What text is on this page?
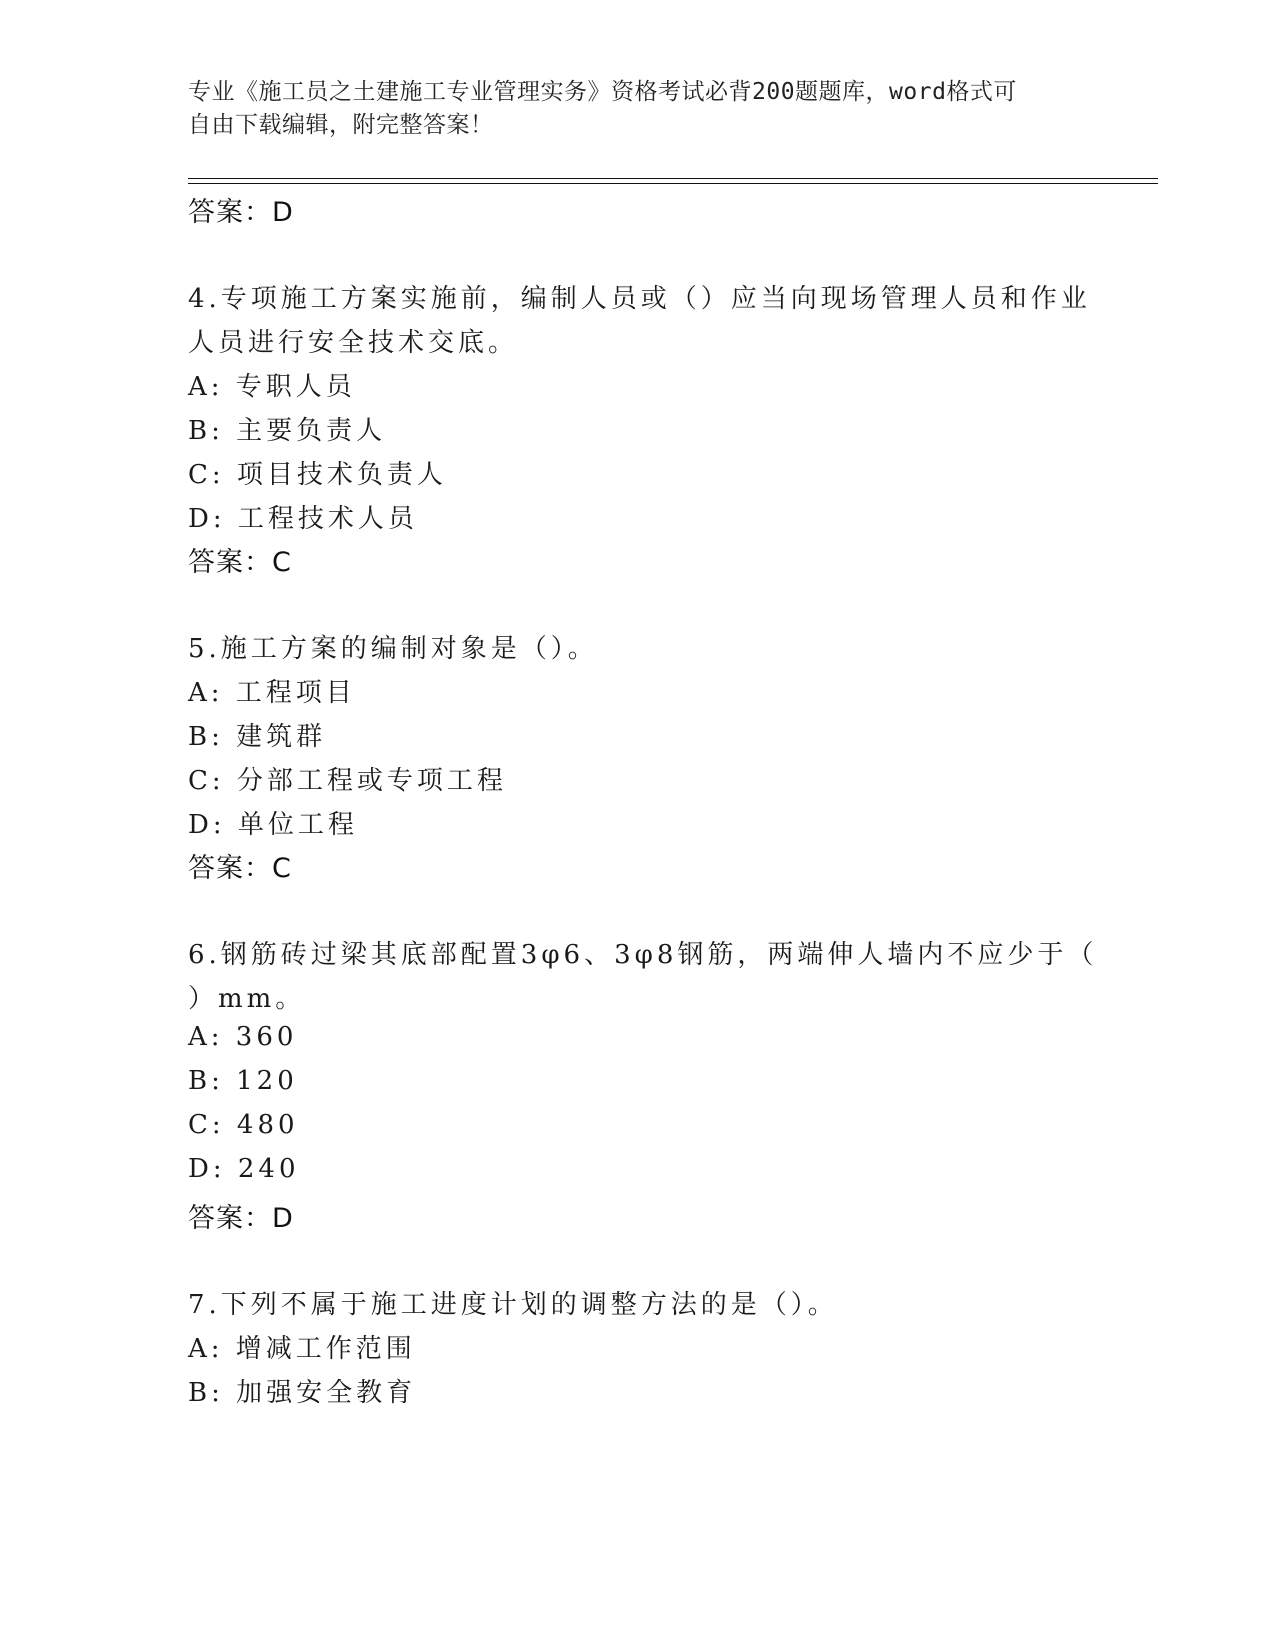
专业《施工员之土建施工专业管理实务》资格考试必背200题题库，word格式可
自由下载编辑，附完整答案！
答案：D
4.专项施工方案实施前，编制人员或（）应当向现场管理人员和作业
人员进行安全技术交底。
A: 专职人员
B: 主要负责人
C: 项目技术负责人
D: 工程技术人员
答案：C
5.施工方案的编制对象是（）。
A: 工程项目
B: 建筑群
C: 分部工程或专项工程
D: 单位工程
答案：C
6.钢筋砖过梁其底部配置3φ6、3φ8钢筋，两端伸人墙内不应少于（
）mm。
A: 360
B: 120
C: 480
D: 240
答案：D
7.下列不属于施工进度计划的调整方法的是（）。
A: 增减工作范围
B: 加强安全教育
